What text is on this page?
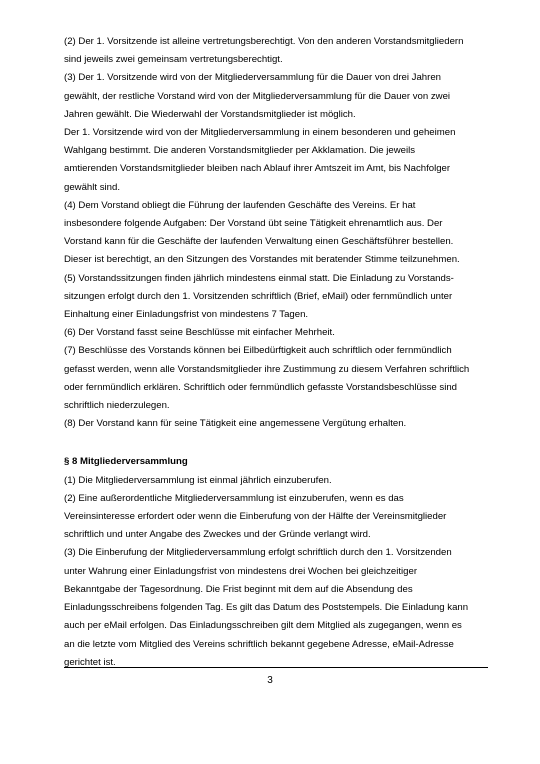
(2) Der 1. Vorsitzende ist alleine vertretungsberechtigt. Von den anderen Vorstandsmitgliedern
sind jeweils zwei gemeinsam vertretungsberechtigt.
(3) Der 1. Vorsitzende wird von der Mitgliederversammlung für die Dauer von drei Jahren
gewählt, der restliche Vorstand wird von der Mitgliederversammlung für die Dauer von zwei
Jahren gewählt. Die Wiederwahl der Vorstandsmitglieder ist möglich.
Der 1. Vorsitzende wird von der Mitgliederversammlung in einem besonderen und geheimen
Wahlgang bestimmt. Die anderen Vorstandsmitglieder per Akklamation. Die jeweils
amtierenden Vorstandsmitglieder bleiben nach Ablauf ihrer Amtszeit im Amt, bis Nachfolger
gewählt sind.
(4) Dem Vorstand obliegt die Führung der laufenden Geschäfte des Vereins. Er hat
insbesondere folgende Aufgaben: Der Vorstand übt seine Tätigkeit ehrenamtlich aus. Der
Vorstand kann für die Geschäfte der laufenden Verwaltung einen Geschäftsführer bestellen.
Dieser ist berechtigt, an den Sitzungen des Vorstandes mit beratender Stimme teilzunehmen.
(5) Vorstandssitzungen finden jährlich mindestens einmal statt. Die Einladung zu Vorstands-
sitzungen erfolgt durch den 1. Vorsitzenden schriftlich (Brief, eMail) oder fernmündlich unter
Einhaltung einer Einladungsfrist von mindestens 7 Tagen.
(6) Der Vorstand fasst seine Beschlüsse mit einfacher Mehrheit.
(7) Beschlüsse des Vorstands können bei Eilbedürftigkeit auch schriftlich oder fernmündlich
gefasst werden, wenn alle Vorstandsmitglieder ihre Zustimmung zu diesem Verfahren schriftlich
oder fernmündlich erklären. Schriftlich oder fernmündlich gefasste Vorstandsbeschlüsse sind
schriftlich niederzulegen.
(8) Der Vorstand kann für seine Tätigkeit eine angemessene Vergütung erhalten.
§ 8 Mitgliederversammlung
(1) Die Mitgliederversammlung ist einmal jährlich einzuberufen.
(2) Eine außerordentliche Mitgliederversammlung ist einzuberufen, wenn es das
Vereinsinteresse erfordert oder wenn die Einberufung von der Hälfte der Vereinsmitglieder
schriftlich und unter Angabe des Zweckes und der Gründe verlangt wird.
(3) Die Einberufung der Mitgliederversammlung erfolgt schriftlich durch den 1. Vorsitzenden
unter Wahrung einer Einladungsfrist von mindestens drei Wochen bei gleichzeitiger
Bekanntgabe der Tagesordnung. Die Frist beginnt mit dem auf die Absendung des
Einladungsschreibens folgenden Tag. Es gilt das Datum des Poststempels. Die Einladung kann
auch per eMail erfolgen. Das Einladungsschreiben gilt dem Mitglied als zugegangen, wenn es
an die letzte vom Mitglied des Vereins schriftlich bekannt gegebene Adresse, eMail-Adresse
gerichtet ist.
3
